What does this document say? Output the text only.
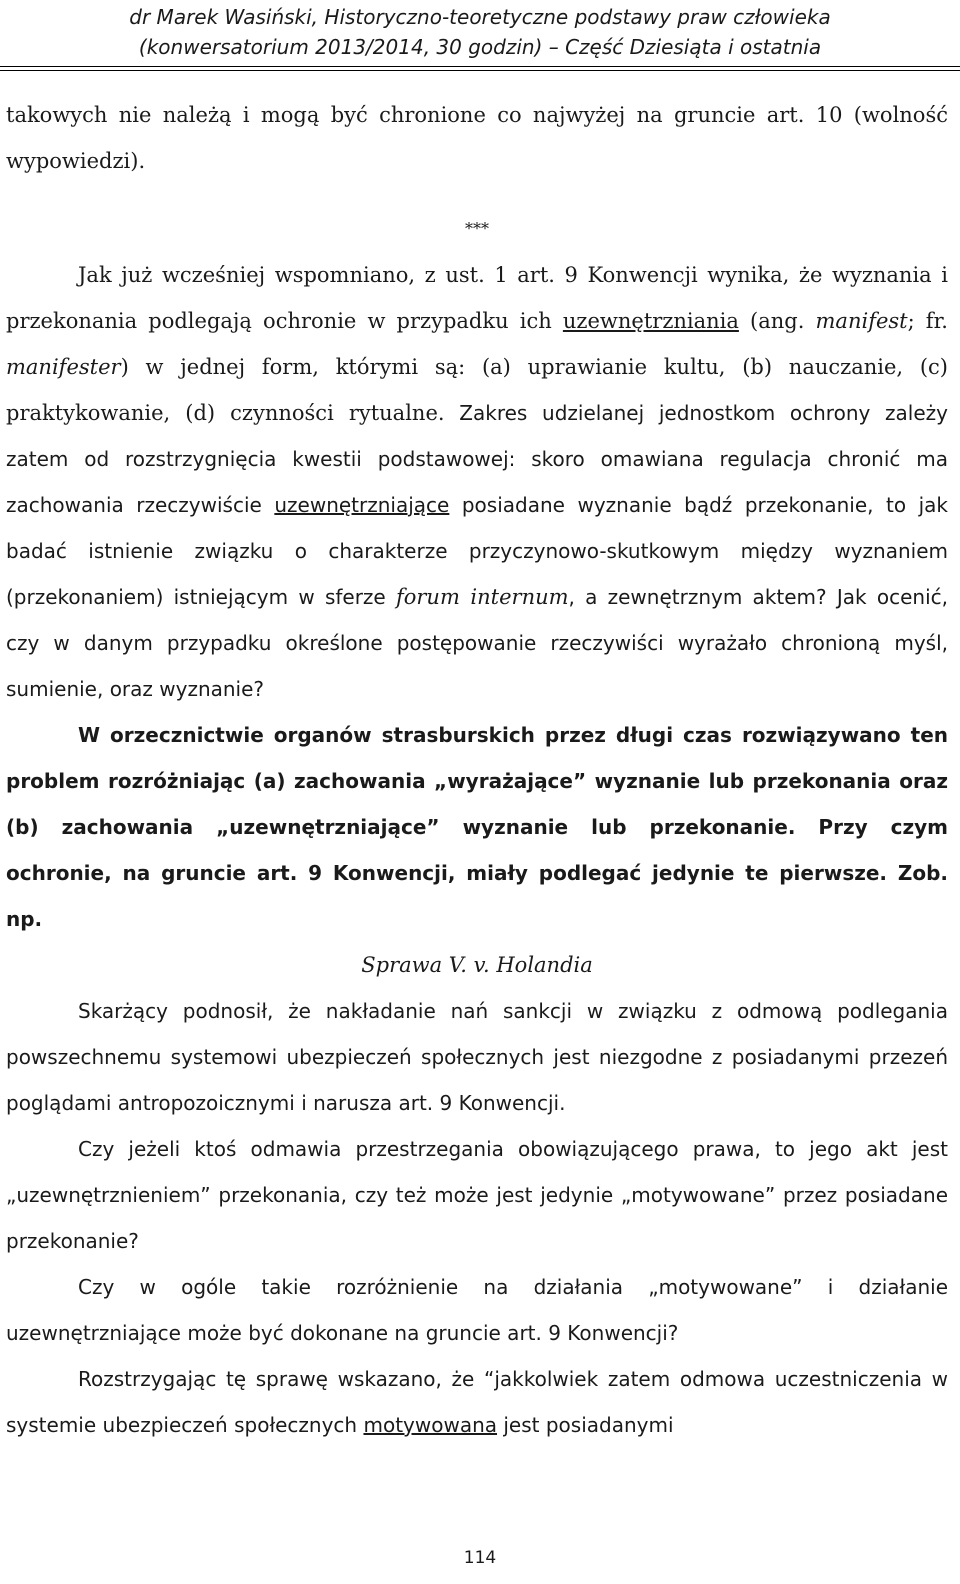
dr Marek Wasiński, Historyczno-teoretyczne podstawy praw człowieka
(konwersatorium 2013/2014, 30 godzin) – Część Dziesiąta i ostatnia

takowych nie należą i mogą być chronione co najwyżej na gruncie art. 10 (wolność wypowiedzi).

***

Jak już wcześniej wspomniano, z ust. 1 art. 9 Konwencji wynika, że wyznania i przekonania podlegają ochronie w przypadku ich uzewnętrzniania (ang. manifest; fr. manifester) w jednej form, którymi są: (a) uprawianie kultu, (b) nauczanie, (c) praktykowanie, (d) czynności rytualne. Zakres udzielanej jednostkom ochrony zależy zatem od rozstrzygnięcia kwestii podstawowej: skoro omawiana regulacja chronić ma zachowania rzeczywiście uzewnętrzniające posiadane wyznanie bądź przekonanie, to jak badać istnienie związku o charakterze przyczynowo-skutkowym między wyznaniem (przekonaniem) istniejącym w sferze forum internum, a zewnętrznym aktem? Jak ocenić, czy w danym przypadku określone postępowanie rzeczywiści wyrażało chronioną myśl, sumienie, oraz wyznanie?

W orzecznictwie organów strasburskich przez długi czas rozwiązywano ten problem rozróżniając (a) zachowania „wyrażające” wyznanie lub przekonania oraz (b) zachowania „uzewnętrzniające” wyznanie lub przekonanie. Przy czym ochronie, na gruncie art. 9 Konwencji, miały podlegać jedynie te pierwsze. Zob. np.

Sprawa V. v. Holandia

Skarżący podnosił, że nakładanie nań sankcji w związku z odmową podlegania powszechnemu systemowi ubezpieczeń społecznych jest niezgodne z posiadanymi przezeń poglądami antropozoicznymi i narusza art. 9 Konwencji.

Czy jeżeli ktoś odmawia przestrzegania obowiązującego prawa, to jego akt jest „uzewnętrznieniem” przekonania, czy też może jest jedynie „motywowane” przez posiadane przekonanie?

Czy w ogóle takie rozróżnienie na działania „motywowane” i działanie uzewnętrzniające może być dokonane na gruncie art. 9 Konwencji?

Rozstrzygając tę sprawę wskazano, że “jakkolwiek zatem odmowa uczestniczenia w systemie ubezpieczeń społecznych motywowana jest posiadanymi

114
